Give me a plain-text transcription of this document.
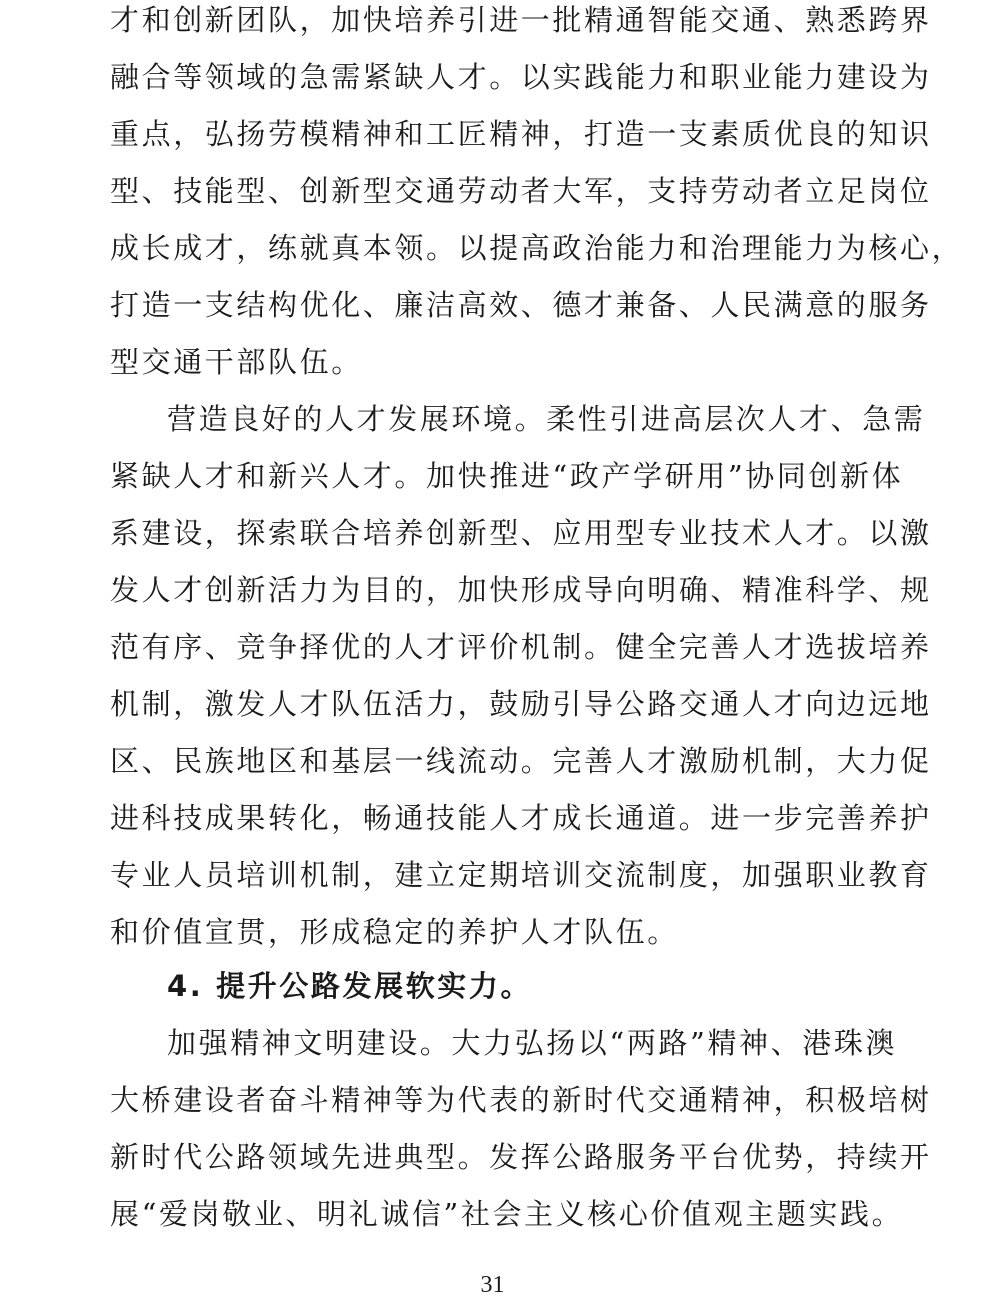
才和创新团队，加快培养引进一批精通智能交通、熟悉跨界
融合等领域的急需紧缺人才。以实践能力和职业能力建设为
重点，弘扬劳模精神和工匠精神，打造一支素质优良的知识
型、技能型、创新型交通劳动者大军，支持劳动者立足岗位
成长成才，练就真本领。以提高政治能力和治理能力为核心，
打造一支结构优化、廉洁高效、德才兼备、人民满意的服务
型交通干部队伍。
营造良好的人才发展环境。柔性引进高层次人才、急需
紧缺人才和新兴人才。加快推进“政产学研用”协同创新体
系建设，探索联合培养创新型、应用型专业技术人才。以激
发人才创新活力为目的，加快形成导向明确、精准科学、规
范有序、竞争择优的人才评价机制。健全完善人才选拔培养
机制，激发人才队伍活力，鼓励引导公路交通人才向边远地
区、民族地区和基层一线流动。完善人才激励机制，大力促
进科技成果转化，畅通技能人才成长通道。进一步完善养护
专业人员培训机制，建立定期培训交流制度，加强职业教育
和价值宣贯，形成稳定的养护人才队伍。
4. 提升公路发展软实力。
加强精神文明建设。大力弘扬以“两路”精神、港珠澳
大桥建设者奋斗精神等为代表的新时代交通精神，积极培树
新时代公路领域先进典型。发挥公路服务平台优势，持续开
展“爱岗敬业、明礼诚信”社会主义核心价值观主题实践。
31
